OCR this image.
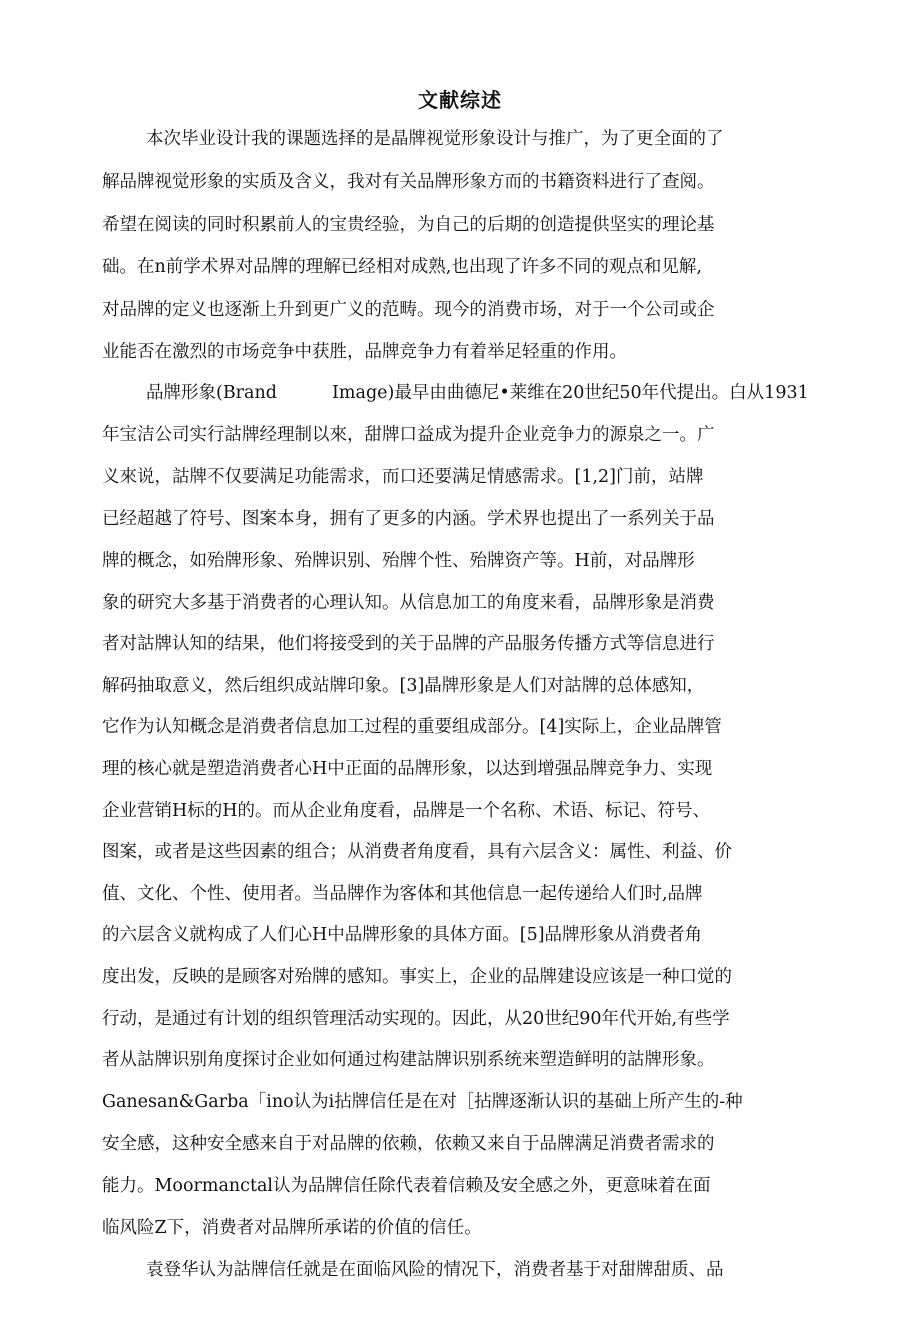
文献综述
本次毕业设计我的课题选择的是晶牌视觉形象设计与推广，为了更全面的了
解品牌视觉形象的实质及含义，我对有关品牌形象方而的书籍资料进行了查阅。
希望在阅读的同时积累前人的宝贵经验，为自己的后期的创造提供坚实的理论基
础。在n前学术界对品牌的理解已经相对成熟,也出现了许多不同的观点和见解,
对品牌的定义也逐渐上升到更广义的范畴。现今的消费市场，对于一个公司或企
业能否在激烈的市场竞争中获胜，品牌竞争力有着举足轻重的作用。
品牌形象(Brand	Image)最早由曲德尼•莱维在20世纪50年代提出。白从1931
年宝洁公司实行詁牌经理制以來，甜牌口益成为提升企业竞争力的源泉之一。广
义來说，詁牌不仅要满足功能需求，而口还要满足情感需求。[1,2]门前，站牌
已经超越了符号、图案本身，拥有了更多的内涵。学术界也提出了一系列关于品
牌的概念，如殆牌形象、殆牌识别、殆牌个性、殆牌资产等。H前，对品牌形
象的研究大多基于消费者的心理认知。从信息加工的角度来看，品牌形象是消费
者对詁牌认知的结果，他们将接受到的关于品牌的产品服务传播方式等信息进行
解码抽取意义，然后组织成站牌印象。[3]晶牌形象是人们对詁牌的总体感知，
它作为认知概念是消费者信息加工过程的重要组成部分。[4]实际上，企业品牌管
理的核心就是塑造消费者心H中正面的品牌形象，以达到增强品牌竞争力、实现
企业营销H标的H的。而从企业角度看，品牌是一个名称、术语、标记、符号、
图案，或者是这些因素的组合；从消费者角度看，具有六层含义：属性、利益、价
值、文化、个性、使用者。当品牌作为客体和其他信息一起传递给人们时,品牌
的六层含义就构成了人们心H中品牌形象的具体方面。[5]品牌形象从消费者角
度出发，反映的是顾客对殆牌的感知。事实上，企业的品牌建设应该是一种口觉的
行动，是通过有计划的组织管理活动实现的。因此，从20世纪90年代开始,有些学
者从詁牌识别角度探讨企业如何通过构建詁牌识别系统来塑造鲜明的詁牌形象。
Ganesan&Garba「ino认为i拈牌信任是在对［拈牌逐渐认识的基础上所产生的-种
安全感，这种安全感来自于对品牌的依赖，依赖又来自于品牌满足消费者需求的
能力。Moormanctal认为品牌信任除代表着信赖及安全感之外，更意味着在面
临风险Z下，消费者对品牌所承诺的价值的信任。
袁登华认为詁牌信任就是在面临风险的情况下，消费者基于对甜牌甜质、品
